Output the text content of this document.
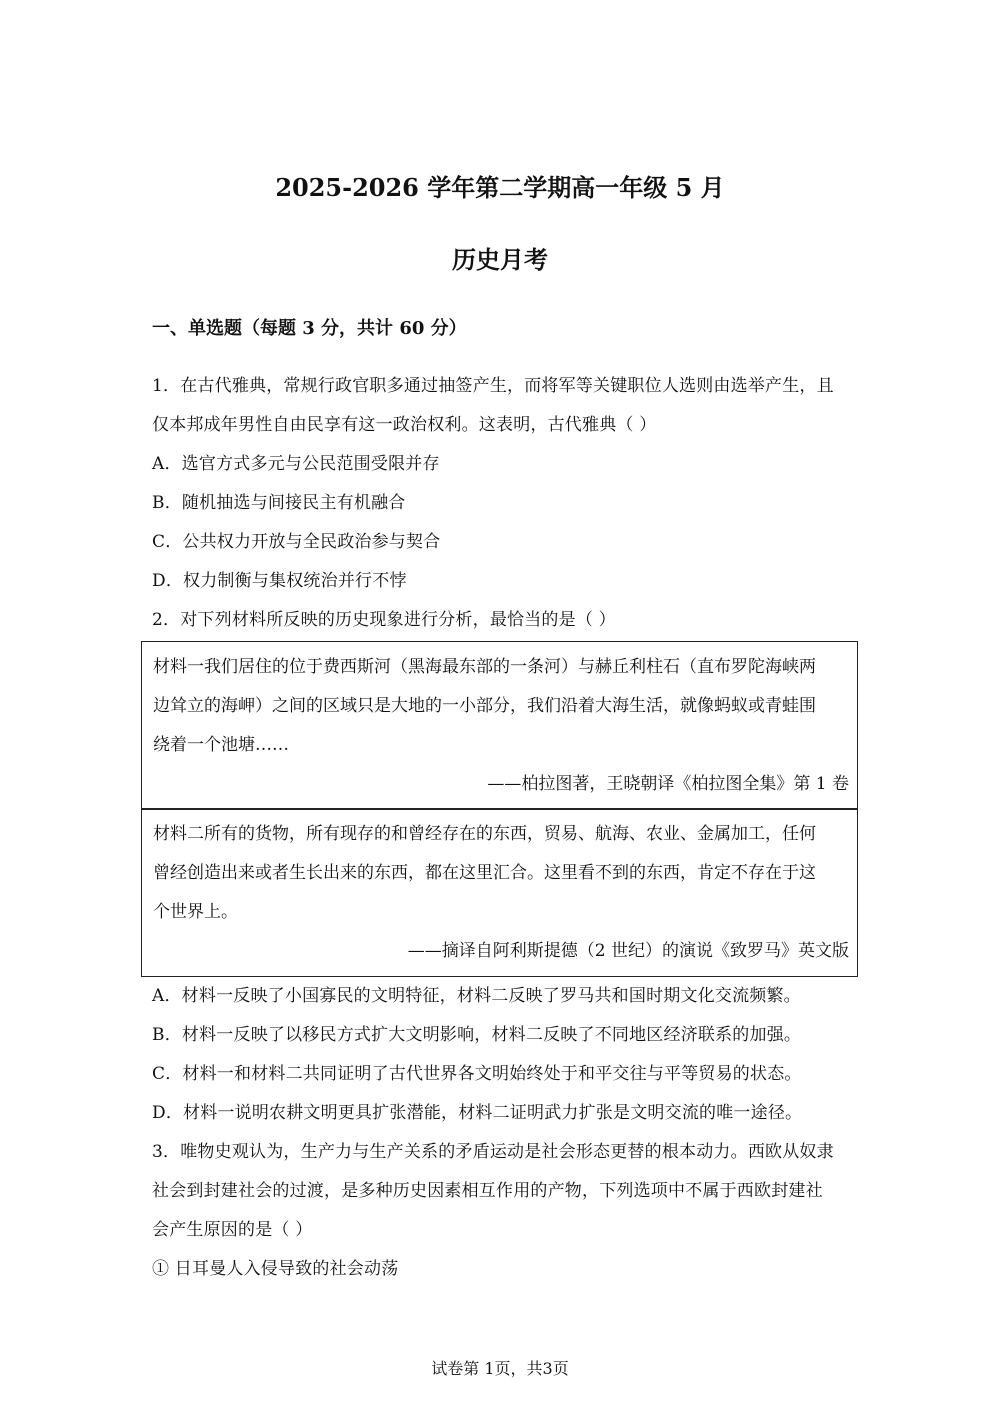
2025-2026 学年第二学期高一年级 5 月
历史月考
一、单选题（每题 3 分，共计 60 分）
1．在古代雅典，常规行政官职多通过抽签产生，而将军等关键职位人选则由选举产生，且
仅本邦成年男性自由民享有这一政治权利。这表明，古代雅典（ ）
A．选官方式多元与公民范围受限并存
B．随机抽选与间接民主有机融合
C．公共权力开放与全民政治参与契合
D．权力制衡与集权统治并行不悖
2．对下列材料所反映的历史现象进行分析，最恰当的是（ ）
材料一我们居住的位于费西斯河（黑海最东部的一条河）与赫丘利柱石（直布罗陀海峡两
边耸立的海岬）之间的区域只是大地的一小部分，我们沿着大海生活，就像蚂蚁或青蛙围
绕着一个池塘……
——柏拉图著，王晓朝译《柏拉图全集》第 1 卷
材料二所有的货物，所有现存的和曾经存在的东西，贸易、航海、农业、金属加工，任何
曾经创造出来或者生长出来的东西，都在这里汇合。这里看不到的东西，肯定不存在于这
个世界上。
——摘译自阿利斯提德（2 世纪）的演说《致罗马》英文版
A．材料一反映了小国寡民的文明特征，材料二反映了罗马共和国时期文化交流频繁。
B．材料一反映了以移民方式扩大文明影响，材料二反映了不同地区经济联系的加强。
C．材料一和材料二共同证明了古代世界各文明始终处于和平交往与平等贸易的状态。
D．材料一说明农耕文明更具扩张潜能，材料二证明武力扩张是文明交流的唯一途径。
3．唯物史观认为，生产力与生产关系的矛盾运动是社会形态更替的根本动力。西欧从奴隶
社会到封建社会的过渡，是多种历史因素相互作用的产物，下列选项中不属于西欧封建社
会产生原因的是（ ）
① 日耳曼人入侵导致的社会动荡
试卷第 1页，共3页
